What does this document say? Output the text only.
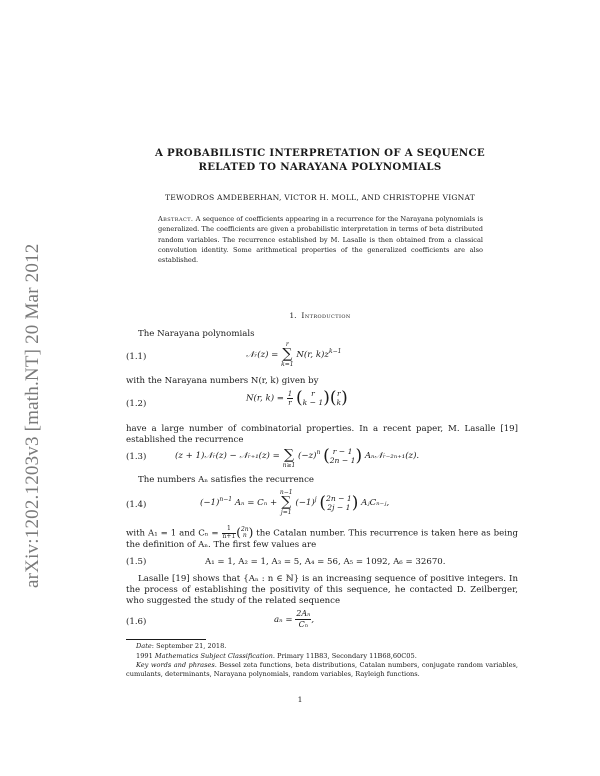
arXiv:1202.1203v3 [math.NT] 20 Mar 2012
A PROBABILISTIC INTERPRETATION OF A SEQUENCE
RELATED TO NARAYANA POLYNOMIALS
TEWODROS AMDEBERHAN, VICTOR H. MOLL, AND CHRISTOPHE VIGNAT
Abstract. A sequence of coefficients appearing in a recurrence for the Narayana polynomials is generalized. The coefficients are given a probabilistic interpretation in terms of beta distributed random variables. The recurrence established by M. Lasalle is then obtained from a classical convolution identity. Some arithmetical properties of the generalized coefficients are also established.
1. Introduction
The Narayana polynomials
(1.1)	𝒩ᵣ(z) = r
∑
k=1 N(r, $k)z^{k-1}$
with the Narayana numbers N(r, k) given by
(1.2)
N(r, $k) = \frac{1}{r}$ ( r
k − 1)(r
k)
have a large number of combinatorial properties. In a recent paper, M. Lasalle [19] established the recurrence
(1.3)	(z + 1)𝒩ᵣ(z) − 𝒩ᵣ₊₁(z) = ∑
n≥1 $(-z)^n$ ( r − 1
2n − 1) Aₙ𝒩ᵣ₋₂ₙ₊₁(z).
The numbers Aₙ satisfies the recurrence
(1.4)	$(-1)^{n-1}$ Aₙ = Cₙ + n−1
∑
j=1 $(-1)^j$ (2n − 1
2j − 1) AⱼCₙ₋ⱼ,
with A₁ = 1 and $C_n = \frac{1}{n+1} (2n$
n ) the Catalan number. This recurrence is taken here as being the definition of Aₙ. The first few values are
(1.5)	A₁ = 1, A₂ = 1, A₃ = 5, A₄ = 56, A₅ = 1092, A₆ = 32670.
Lasalle [19] shows that {Aₙ : n ∈ ℕ} is an increasing sequence of positive integers. In the process of establishing the positivity of this sequence, he contacted D. Zeilberger, who suggested the study of the related sequence
(1.6)	$a_n = \frac{\text{2Aₙ}}{\text{Cₙ}}$ ,
Date: September 21, 2018.
1991 Mathematics Subject Classification. Primary 11B83, Secondary 11B68,60C05.
Key words and phrases. Bessel zeta functions, beta distributions, Catalan numbers, conjugate random variables, cumulants, determinants, Narayana polynomials, random variables, Rayleigh functions.
1
